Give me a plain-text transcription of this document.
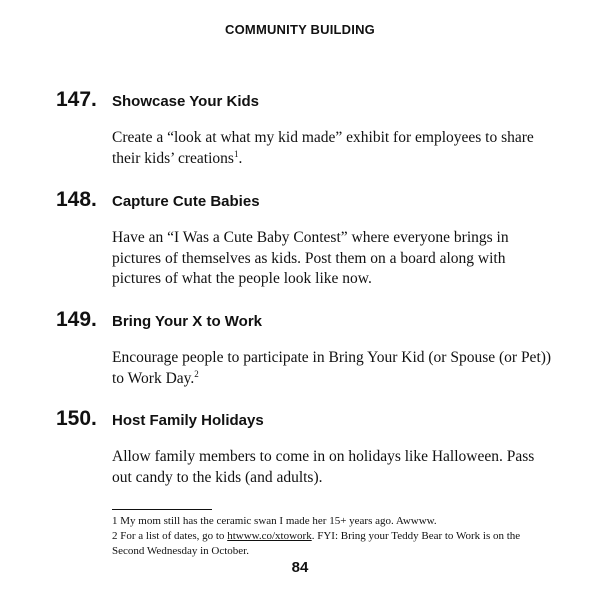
COMMUNITY BUILDING
147.	Showcase Your Kids
Create a “look at what my kid made” exhibit for employees to share their kids’ creations$^1$.
148.	Capture Cute Babies
Have an “I Was a Cute Baby Contest” where everyone brings in pictures of themselves as kids. Post them on a board along with pictures of what the people look like now.
149.	Bring Your X to Work
Encourage people to participate in Bring Your Kid (or Spouse (or Pet)) to Work Day.$^2$
150.	Host Family Holidays
Allow family members to come in on holidays like Halloween. Pass out candy to the kids (and adults).
1 My mom still has the ceramic swan I made her 15+ years ago. Awwww.
2 For a list of dates, go to htwww.co/xtowork. FYI: Bring your Teddy Bear to Work is on the Second Wednesday in October.
84
